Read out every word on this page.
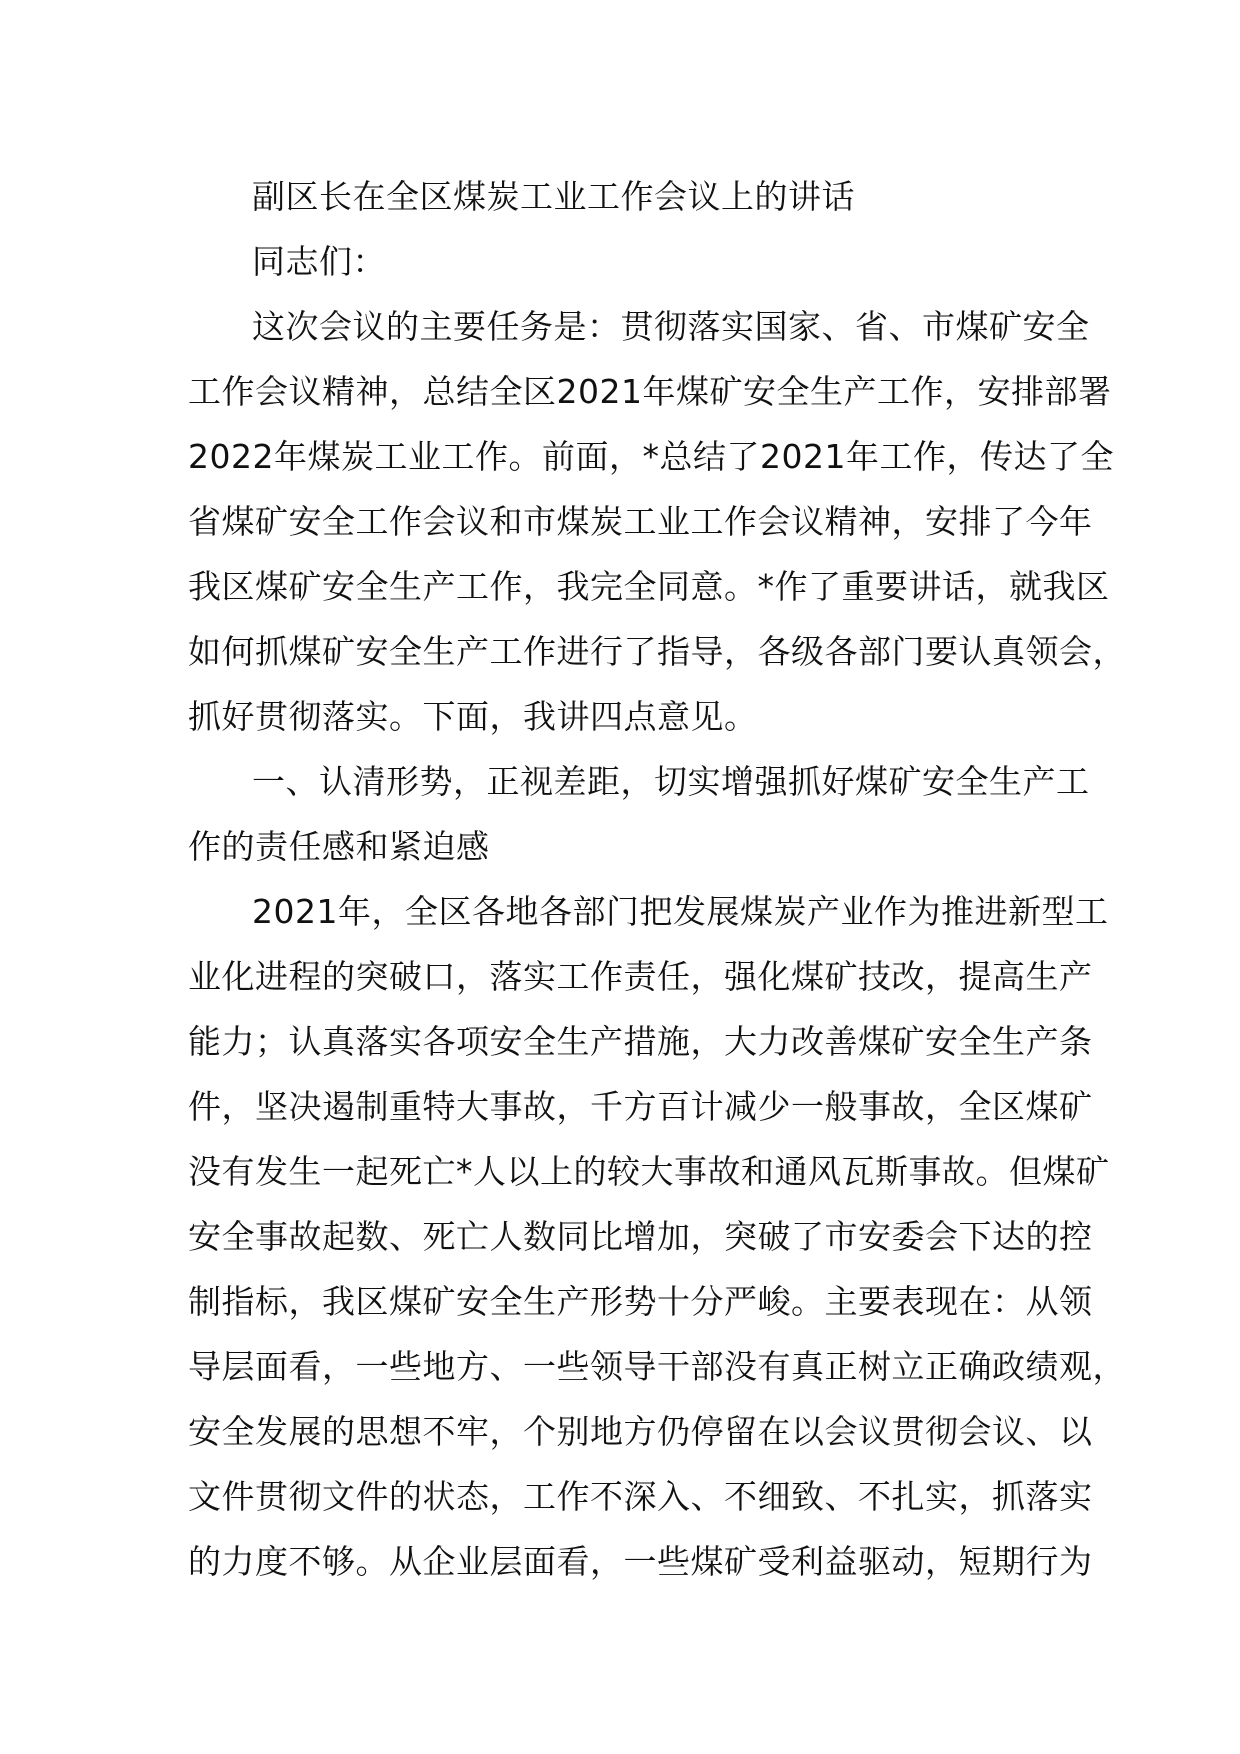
副区长在全区煤炭工业工作会议上的讲话
同志们：
这次会议的主要任务是：贯彻落实国家、省、市煤矿安全
工作会议精神，总结全区2021年煤矿安全生产工作，安排部署
2022年煤炭工业工作。前面，*总结了2021年工作，传达了全
省煤矿安全工作会议和市煤炭工业工作会议精神，安排了今年
我区煤矿安全生产工作，我完全同意。*作了重要讲话，就我区
如何抓煤矿安全生产工作进行了指导，各级各部门要认真领会，
抓好贯彻落实。下面，我讲四点意见。
一、认清形势，正视差距，切实增强抓好煤矿安全生产工
作的责任感和紧迫感
2021年，全区各地各部门把发展煤炭产业作为推进新型工
业化进程的突破口，落实工作责任，强化煤矿技改，提高生产
能力；认真落实各项安全生产措施，大力改善煤矿安全生产条
件，坚决遏制重特大事故，千方百计减少一般事故，全区煤矿
没有发生一起死亡*人以上的较大事故和通风瓦斯事故。但煤矿
安全事故起数、死亡人数同比增加，突破了市安委会下达的控
制指标，我区煤矿安全生产形势十分严峻。主要表现在：从领
导层面看，一些地方、一些领导干部没有真正树立正确政绩观，
安全发展的思想不牢，个别地方仍停留在以会议贯彻会议、以
文件贯彻文件的状态，工作不深入、不细致、不扎实，抓落实
的力度不够。从企业层面看，一些煤矿受利益驱动，短期行为
